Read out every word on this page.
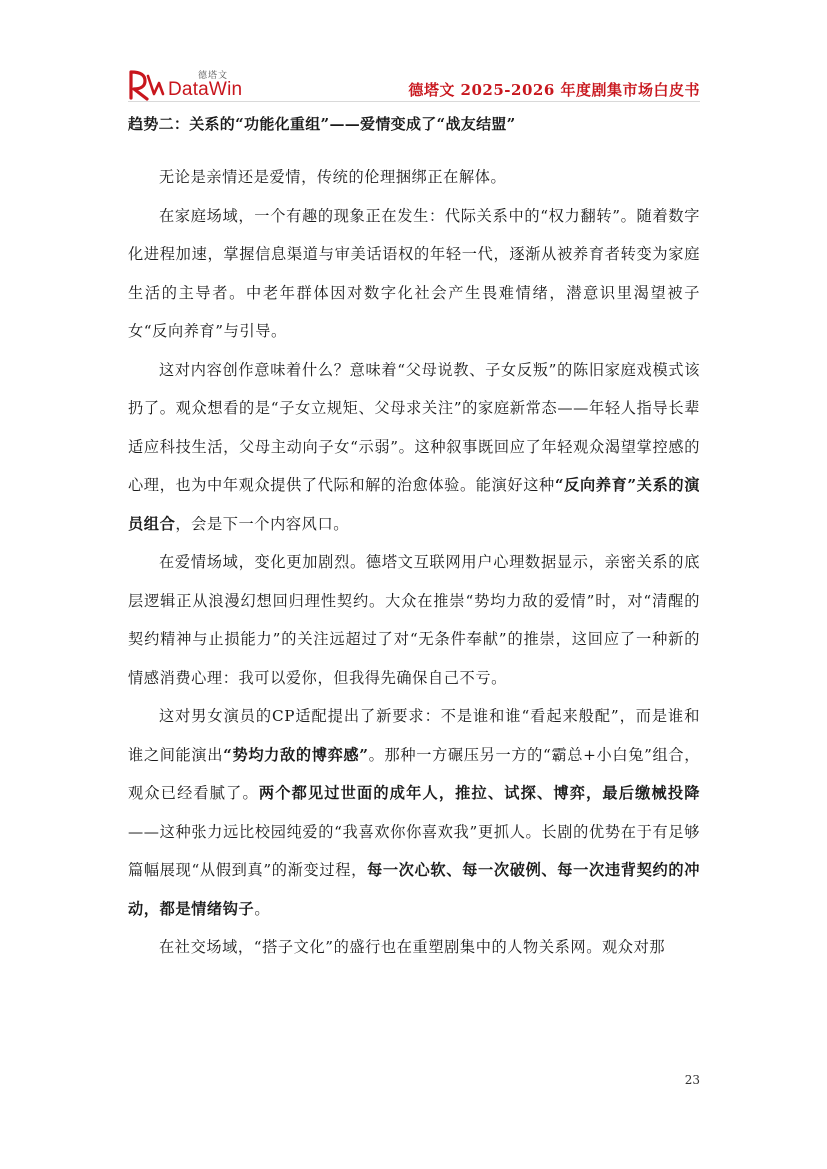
德塔文
DataWin	德塔文 2025-2026 年度剧集市场白皮书
趋势二：关系的“功能化重组”——爱情变成了“战友结盟”

无论是亲情还是爱情，传统的伦理捆绑正在解体。

在家庭场域，一个有趣的现象正在发生：代际关系中的“权力翻转”。随着数字化进程加速，掌握信息渠道与审美话语权的年轻一代，逐渐从被养育者转变为家庭生活的主导者。中老年群体因对数字化社会产生畏难情绪，潜意识里渴望被子女“反向养育”与引导。

这对内容创作意味着什么？意味着“父母说教、子女反叛”的陈旧家庭戏模式该扔了。观众想看的是“子女立规矩、父母求关注”的家庭新常态——年轻人指导长辈适应科技生活，父母主动向子女“示弱”。这种叙事既回应了年轻观众渴望掌控感的心理，也为中年观众提供了代际和解的治愈体验。能演好这种“反向养育”关系的演员组合，会是下一个内容风口。

在爱情场域，变化更加剧烈。德塔文互联网用户心理数据显示，亲密关系的底层逻辑正从浪漫幻想回归理性契约。大众在推崇“势均力敌的爱情”时，对“清醒的契约精神与止损能力”的关注远超过了对“无条件奉献”的推崇，这回应了一种新的情感消费心理：我可以爱你，但我得先确保自己不亏。

这对男女演员的CP适配提出了新要求：不是谁和谁“看起来般配”，而是谁和谁之间能演出“势均力敌的博弈感”。那种一方碾压另一方的“霸总+小白兔”组合，观众已经看腻了。两个都见过世面的成年人，推拉、试探、博弈，最后缴械投降——这种张力远比校园纯爱的“我喜欢你你喜欢我”更抓人。长剧的优势在于有足够篇幅展现“从假到真”的渐变过程，每一次心软、每一次破例、每一次违背契约的冲动，都是情绪钩子。

在社交场域，“搭子文化”的盛行也在重塑剧集中的人物关系网。观众对那

23
